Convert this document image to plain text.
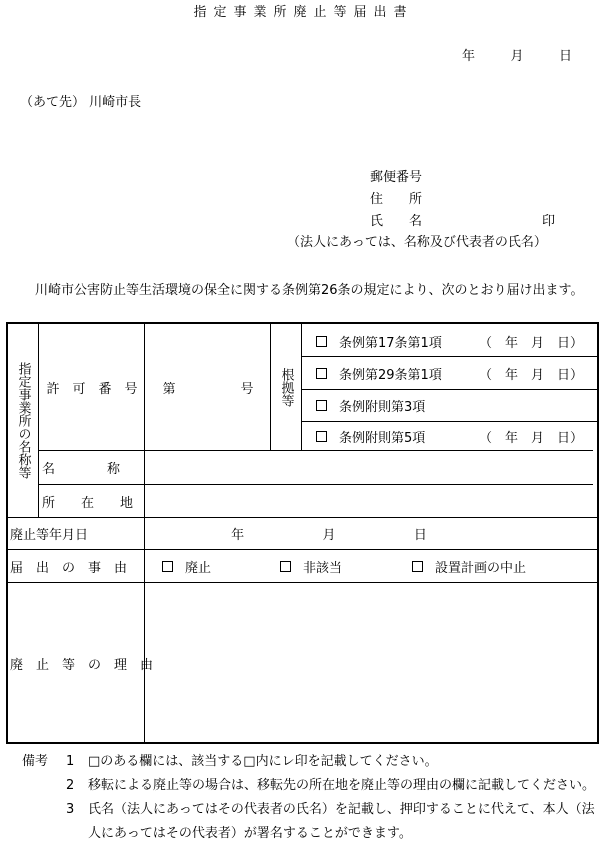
指定事業所廃止等届出書
年	月	日
（あて先） 川崎市長
郵便番号	
住　　所	
氏　　名	印
（法人にあっては、名称及び代表者の氏名）
川崎市公害防止等生活環境の保全に関する条例第26条の規定により、次のとおり届け出ます。
指定事業所の名称等	許　可　番　号	第　　　　　号	根拠等
条例第17条第1項	（　年　月　日）
条例第29条第1項	（　年　月　日）
条例附則第3項
条例附則第5項	（　年　月　日）
名　　　　称
所　　在　　地
廃止等年月日	年	月	日
届　出　の　事　由	廃止	非該当	設置計画の中止
廃　止　等　の　理　由
備考	1	□のある欄には、該当する□内にレ印を記載してください。
2	移転による廃止等の場合は、移転先の所在地を廃止等の理由の欄に記載してください。
3	氏名（法人にあってはその代表者の氏名）を記載し、押印することに代えて、本人（法人にあってはその代表者）が署名することができます。
